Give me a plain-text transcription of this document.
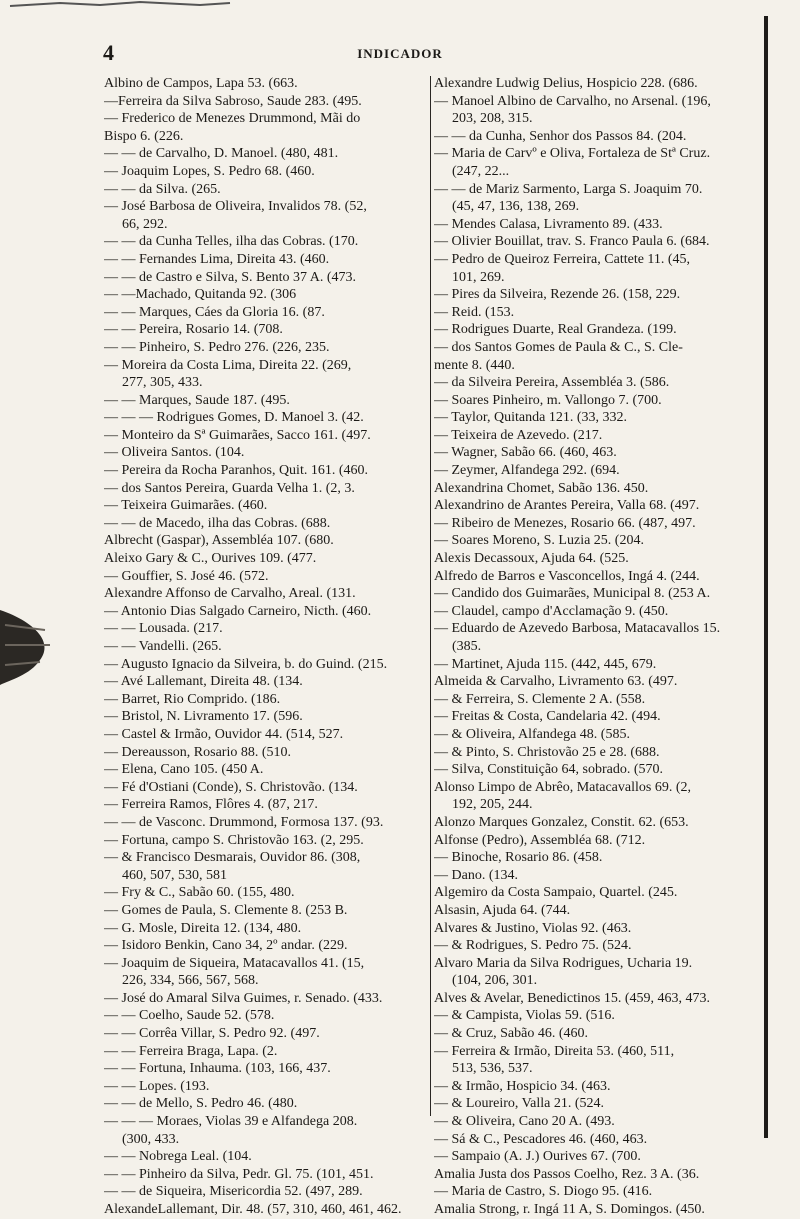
4	INDICADOR
Albino de Campos, Lapa 53. (663.
—Ferreira da Silva Sabroso, Saude 283. (495.
— Frederico de Menezes Drummond, Mãi do
Bispo 6. (226.
— — de Carvalho, D. Manoel. (480, 481.
— Joaquim Lopes, S. Pedro 68. (460.
— — da Silva. (265.
— José Barbosa de Oliveira, Invalidos 78. (52,
66, 292.
— — da Cunha Telles, ilha das Cobras. (170.
— — Fernandes Lima, Direita 43. (460.
— — de Castro e Silva, S. Bento 37 A. (473.
— —Machado, Quitanda 92. (306
— — Marques, Cáes da Gloria 16. (87.
— — Pereira, Rosario 14. (708.
— — Pinheiro, S. Pedro 276. (226, 235.
— Moreira da Costa Lima, Direita 22. (269,
277, 305, 433.
— — Marques, Saude 187. (495.
— — — Rodrigues Gomes, D. Manoel 3. (42.
— Monteiro da Sª Guimarães, Sacco 161. (497.
— Oliveira Santos. (104.
— Pereira da Rocha Paranhos, Quit. 161. (460.
— dos Santos Pereira, Guarda Velha 1. (2, 3.
— Teixeira Guimarães. (460.
— — de Macedo, ilha das Cobras. (688.
Albrecht (Gaspar), Assembléa 107. (680.
Aleixo Gary & C., Ourives 109. (477.
— Gouffier, S. José 46. (572.
Alexandre Affonso de Carvalho, Areal. (131.
— Antonio Dias Salgado Carneiro, Nicth. (460.
— — Lousada. (217.
— — Vandelli. (265.
— Augusto Ignacio da Silveira, b. do Guind. (215.
— Avé Lallemant, Direita 48. (134.
— Barret, Rio Comprido. (186.
— Bristol, N. Livramento 17. (596.
— Castel & Irmão, Ouvidor 44. (514, 527.
— Dereausson, Rosario 88. (510.
— Elena, Cano 105. (450 A.
— Fé d'Ostiani (Conde), S. Christovão. (134.
— Ferreira Ramos, Flôres 4. (87, 217.
— — de Vasconc. Drummond, Formosa 137. (93.
— Fortuna, campo S. Christovão 163. (2, 295.
— & Francisco Desmarais, Ouvidor 86. (308,
460, 507, 530, 581
— Fry & C., Sabão 60. (155, 480.
— Gomes de Paula, S. Clemente 8. (253 B.
— G. Mosle, Direita 12. (134, 480.
— Isidoro Benkin, Cano 34, 2º andar. (229.
— Joaquim de Siqueira, Matacavallos 41. (15,
226, 334, 566, 567, 568.
— José do Amaral Silva Guimes, r. Senado. (433.
— — Coelho, Saude 52. (578.
— — Corrêa Villar, S. Pedro 92. (497.
— — Ferreira Braga, Lapa. (2.
— — Fortuna, Inhauma. (103, 166, 437.
— — Lopes. (193.
— — de Mello, S. Pedro 46. (480.
— — — Moraes, Violas 39 e Alfandega 208.
(300, 433.
— — Nobrega Leal. (104.
— — Pinheiro da Silva, Pedr. Gl. 75. (101, 451.
— — de Siqueira, Misericordia 52. (497, 289.
AlexandeLallemant, Dir. 48. (57, 310, 460, 461, 462.
Alexandre Ludwig Delius, Hospicio 228. (686.
— Manoel Albino de Carvalho, no Arsenal. (196,
203, 208, 315.
— — da Cunha, Senhor dos Passos 84. (204.
— Maria de Carvº e Oliva, Fortaleza de Stª Cruz.
(247, 22...
— — de Mariz Sarmento, Larga S. Joaquim 70.
(45, 47, 136, 138, 269.
— Mendes Calasa, Livramento 89. (433.
— Olivier Bouillat, trav. S. Franco Paula 6. (684.
— Pedro de Queiroz Ferreira, Cattete 11. (45,
101, 269.
— Pires da Silveira, Rezende 26. (158, 229.
— Reid. (153.
— Rodrigues Duarte, Real Grandeza. (199.
— dos Santos Gomes de Paula & C., S. Cle-
mente 8. (440.
— da Silveira Pereira, Assembléa 3. (586.
— Soares Pinheiro, m. Vallongo 7. (700.
— Taylor, Quitanda 121. (33, 332.
— Teixeira de Azevedo. (217.
— Wagner, Sabão 66. (460, 463.
— Zeymer, Alfandega 292. (694.
Alexandrina Chomet, Sabão 136. 450.
Alexandrino de Arantes Pereira, Valla 68. (497.
— Ribeiro de Menezes, Rosario 66. (487, 497.
— Soares Moreno, S. Luzia 25. (204.
Alexis Decassoux, Ajuda 64. (525.
Alfredo de Barros e Vasconcellos, Ingá 4. (244.
— Candido dos Guimarães, Municipal 8. (253 A.
— Claudel, campo d'Acclamação 9. (450.
— Eduardo de Azevedo Barbosa, Matacavallos 15.
(385.
— Martinet, Ajuda 115. (442, 445, 679.
Almeida & Carvalho, Livramento 63. (497.
— & Ferreira, S. Clemente 2 A. (558.
— Freitas & Costa, Candelaria 42. (494.
— & Oliveira, Alfandega 48. (585.
— & Pinto, S. Christovão 25 e 28. (688.
— Silva, Constituição 64, sobrado. (570.
Alonso Limpo de Abrêo, Matacavallos 69. (2,
192, 205, 244.
Alonzo Marques Gonzalez, Constit. 62. (653.
Alfonse (Pedro), Assembléa 68. (712.
— Binoche, Rosario 86. (458.
— Dano. (134.
Algemiro da Costa Sampaio, Quartel. (245.
Alsasin, Ajuda 64. (744.
Alvares & Justino, Violas 92. (463.
— & Rodrigues, S. Pedro 75. (524.
Alvaro Maria da Silva Rodrigues, Ucharia 19.
(104, 206, 301.
Alves & Avelar, Benedictinos 15. (459, 463, 473.
— & Campista, Violas 59. (516.
— & Cruz, Sabão 46. (460.
— Ferreira & Irmão, Direita 53. (460, 511,
513, 536, 537.
— & Irmão, Hospicio 34. (463.
— & Loureiro, Valla 21. (524.
— & Oliveira, Cano 20 A. (493.
— Sá & C., Pescadores 46. (460, 463.
— Sampaio (A. J.) Ourives 67. (700.
Amalia Justa dos Passos Coelho, Rez. 3 A. (36.
— Maria de Castro, S. Diogo 95. (416.
Amalia Strong, r. Ingá 11 A, S. Domingos. (450.
